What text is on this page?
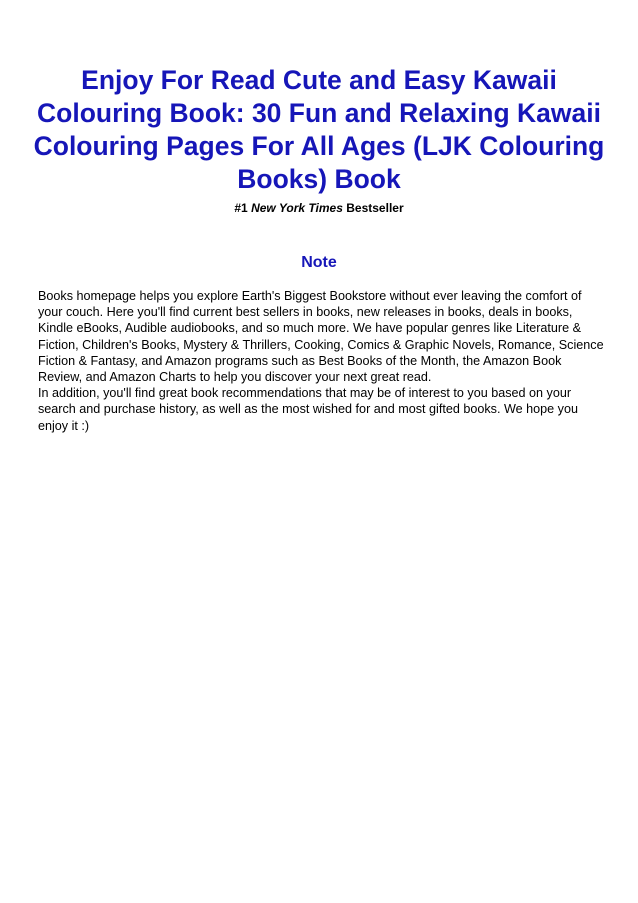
Enjoy For Read Cute and Easy Kawaii Colouring Book: 30 Fun and Relaxing Kawaii Colouring Pages For All Ages (LJK Colouring Books) Book
#1 New York Times Bestseller
Note

Books homepage helps you explore Earth's Biggest Bookstore without ever leaving the comfort of your couch. Here you'll find current best sellers in books, new releases in books, deals in books, Kindle eBooks, Audible audiobooks, and so much more. We have popular genres like Literature & Fiction, Children's Books, Mystery & Thrillers, Cooking, Comics & Graphic Novels, Romance, Science Fiction & Fantasy, and Amazon programs such as Best Books of the Month, the Amazon Book Review, and Amazon Charts to help you discover your next great read.

In addition, you'll find great book recommendations that may be of interest to you based on your search and purchase history, as well as the most wished for and most gifted books. We hope you enjoy it :)
